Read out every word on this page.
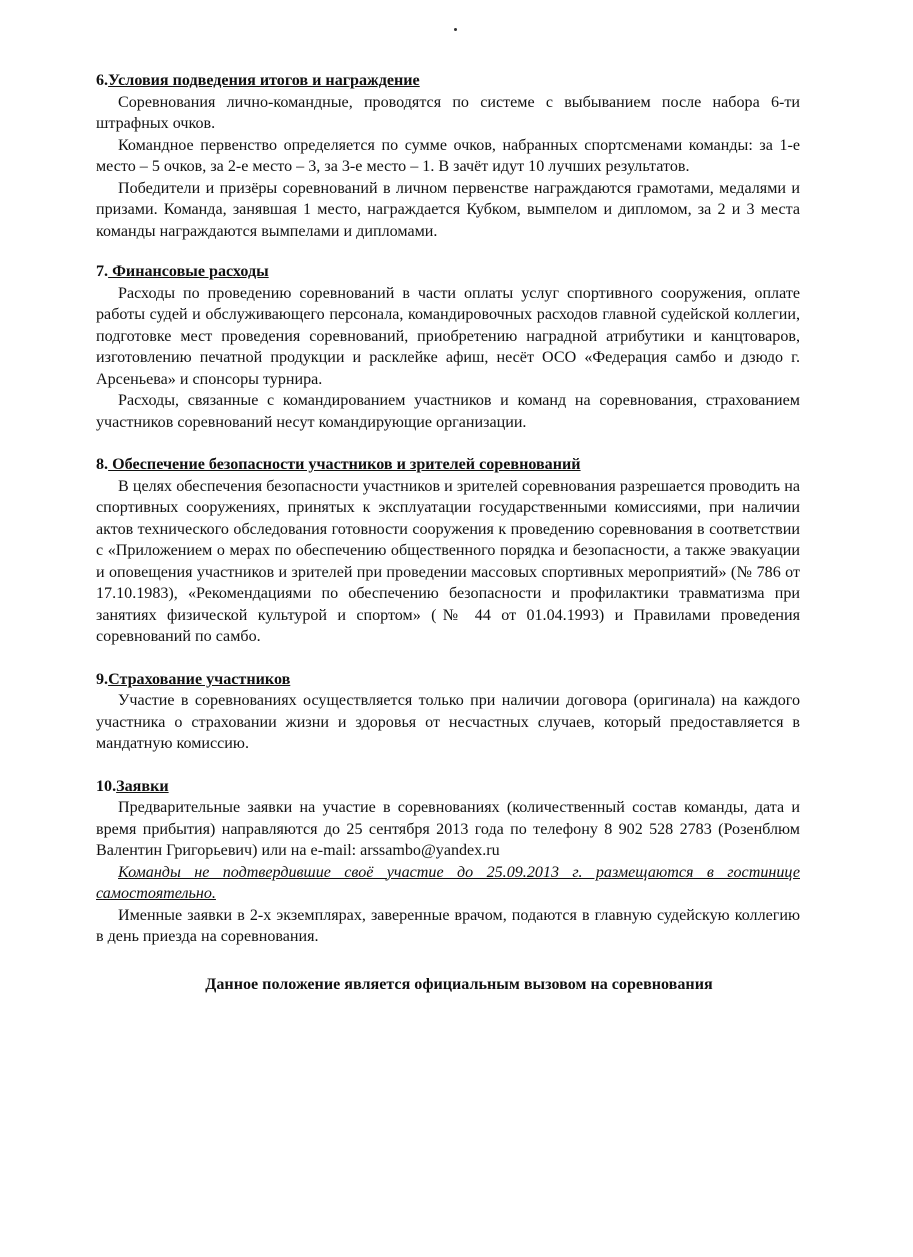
6.Условия подведения итогов и награждение

Соревнования лично-командные, проводятся по системе с выбыванием после набора 6-ти штрафных очков.

Командное первенство определяется по сумме очков, набранных спортсменами команды: за 1-е место – 5 очков, за 2-е место – 3, за 3-е место – 1. В зачёт идут 10 лучших результатов.

Победители и призёры соревнований в личном первенстве награждаются грамотами, медалями и призами. Команда, занявшая 1 место, награждается Кубком, вымпелом и дипломом, за 2 и 3 места команды награждаются вымпелами и дипломами.

7. Финансовые расходы

Расходы по проведению соревнований в части оплаты услуг спортивного сооружения, оплате работы судей и обслуживающего персонала, командировочных расходов главной судейской коллегии, подготовке мест проведения соревнований, приобретению наградной атрибутики и канцтоваров, изготовлению печатной продукции и расклейке афиш, несёт ОСО «Федерация самбо и дзюдо г. Арсеньева» и спонсоры турнира.

Расходы, связанные с командированием участников и команд на соревнования, страхованием участников соревнований несут командирующие организации.

8. Обеспечение безопасности участников и зрителей соревнований

В целях обеспечения безопасности участников и зрителей соревнования разрешается проводить на спортивных сооружениях, принятых к эксплуатации государственными комиссиями, при наличии актов технического обследования готовности сооружения к проведению соревнования в соответствии с «Приложением о мерах по обеспечению общественного порядка и безопасности, а также эвакуации и оповещения участников и зрителей при проведении массовых спортивных мероприятий» (№ 786 от 17.10.1983), «Рекомендациями по обеспечению безопасности и профилактики травматизма при занятиях физической культурой и спортом» (№ 44 от 01.04.1993) и Правилами проведения соревнований по самбо.

9.Страхование участников

Участие в соревнованиях осуществляется только при наличии договора (оригинала) на каждого участника о страховании жизни и здоровья от несчастных случаев, который предоставляется в мандатную комиссию.

10.Заявки

Предварительные заявки на участие в соревнованиях (количественный состав команды, дата и время прибытия) направляются до 25 сентября 2013 года по телефону 8 902 528 2783 (Розенблюм Валентин Григорьевич) или на e-mail: arssambo@yandex.ru

Команды не подтвердившие своё участие до 25.09.2013 г. размещаются в гостинице самостоятельно.

Именные заявки в 2-х экземплярах, заверенные врачом, подаются в главную судейскую коллегию в день приезда на соревнования.

Данное положение является официальным вызовом на соревнования
